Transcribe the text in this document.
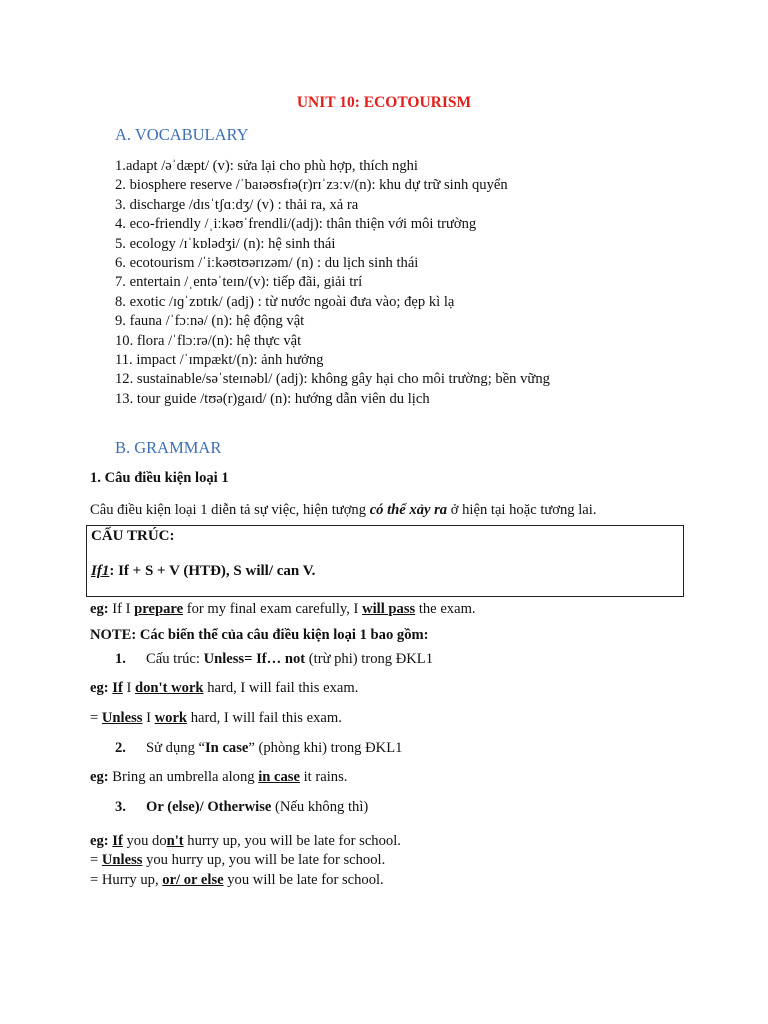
UNIT 10: ECOTOURISM
A. VOCABULARY
1.adapt /əˈdæpt/ (v): sửa lại cho phù hợp, thích nghi
2. biosphere reserve /ˈbaɪəʊsfɪə(r)rɪˈzɜːv/(n): khu dự trữ sinh quyển
3. discharge /dɪsˈtʃɑːdʒ/ (v) : thải ra, xả ra
4. eco-friendly /ˌiːkəʊˈfrendli/(adj): thân thiện với môi trường
5. ecology /ɪˈkɒlədʒi/ (n): hệ sinh thái
6. ecotourism /ˈiːkəʊtʊərɪzəm/ (n) : du lịch sinh thái
7. entertain /ˌentəˈteɪn/(v): tiếp đãi, giải trí
8. exotic /ɪɡˈzɒtɪk/ (adj) : từ nước ngoài đưa vào; đẹp kì lạ
9. fauna /ˈfɔːnə/ (n): hệ động vật
10. flora /ˈflɔːrə/(n): hệ thực vật
11. impact /ˈɪmpækt/(n): ảnh hưởng
12. sustainable/səˈsteɪnəbl/ (adj): không gây hại cho môi trường; bền vững
13. tour guide /tʊə(r)gaɪd/ (n): hướng dẫn viên du lịch
B. GRAMMAR
1. Câu điều kiện loại 1
Câu điều kiện loại 1 diễn tả sự việc, hiện tượng có thể xảy ra ở hiện tại hoặc tương lai.
CẤU TRÚC:
If1: If + S + V (HTĐ), S will/ can V.
eg: If I prepare for my final exam carefully, I will pass the exam.
NOTE: Các biến thể của câu điều kiện loại 1 bao gồm:
1. Cấu trúc: Unless= If… not (trừ phi) trong ĐKL1
eg: If I don't work hard, I will fail this exam.
= Unless I work hard, I will fail this exam.
2. Sử dụng “In case” (phòng khi) trong ĐKL1
eg: Bring an umbrella along in case it rains.
3. Or (else)/ Otherwise (Nếu không thì)
eg: If you don't hurry up, you will be late for school.
= Unless you hurry up, you will be late for school.
= Hurry up, or/ or else you will be late for school.
